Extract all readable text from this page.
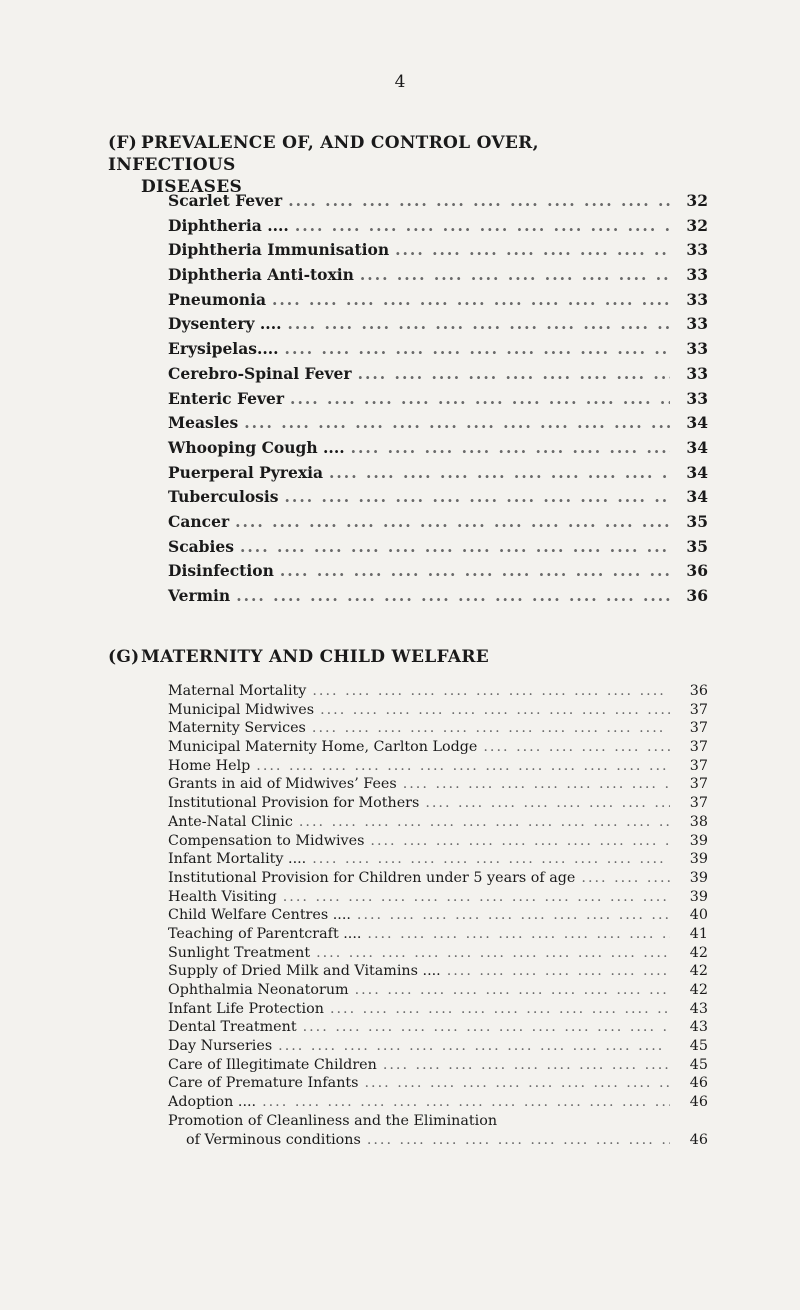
4
(F) PREVALENCE OF, AND CONTROL OVER, INFECTIOUS
DISEASES
Scarlet Fever ....	32
Diphtheria .... ....	32
Diphtheria Immunisation ....	33
Diphtheria Anti-toxin ....	33
Pneumonia ....	33
Dysentery .... ....	33
Erysipelas.... ....	33
Cerebro-Spinal Fever ....	33
Enteric Fever ....	33
Measles ....	34
Whooping Cough .... ....	34
Puerperal Pyrexia ....	34
Tuberculosis ....	34
Cancer ....	35
Scabies ....	35
Disinfection ....	36
Vermin ....	36
(G)MATERNITY AND CHILD WELFARE
Maternal Mortality ....	36
Municipal Midwives ....	37
Maternity Services ....	37
Municipal Maternity Home, Carlton Lodge ....	37
Home Help ....	37
Grants in aid of Midwives’ Fees ....	37
Institutional Provision for Mothers ....	37
Ante-Natal Clinic ....	38
Compensation to Midwives ....	39
Infant Mortality .... ....	39
Institutional Provision for Children under 5 years of age ....	39
Health Visiting ....	39
Child Welfare Centres .... ....	40
Teaching of Parentcraft .... ....	41
Sunlight Treatment ....	42
Supply of Dried Milk and Vitamins .... ....	42
Ophthalmia Neonatorum ....	42
Infant Life Protection ....	43
Dental Treatment ....	43
Day Nurseries ....	45
Care of Illegitimate Children ....	45
Care of Premature Infants ....	46
Adoption .... ....	46
Promotion of Cleanliness and the Elimination
of Verminous conditions ....	46
